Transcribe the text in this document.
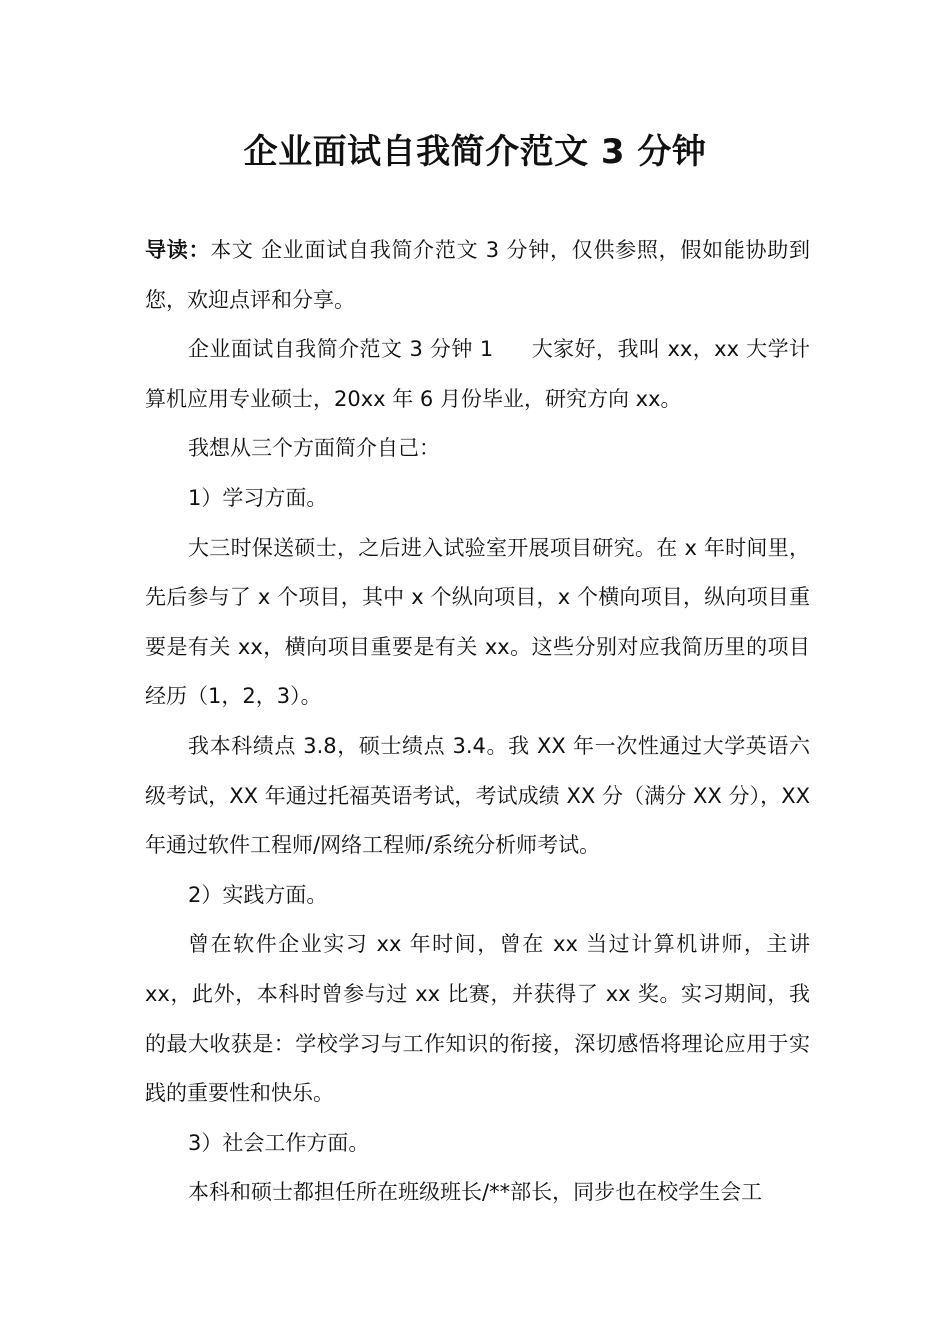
企业面试自我简介范文 3 分钟

导读：本文 企业面试自我简介范文 3 分钟，仅供参照，假如能协助到您，欢迎点评和分享。

企业面试自我简介范文 3 分钟 1 大家好，我叫 xx，xx 大学计算机应用专业硕士，20xx 年 6 月份毕业，研究方向 xx。

我想从三个方面简介自己：

1）学习方面。

大三时保送硕士，之后进入试验室开展项目研究。在 x 年时间里，先后参与了 x 个项目，其中 x 个纵向项目，x 个横向项目，纵向项目重要是有关 xx，横向项目重要是有关 xx。这些分别对应我简历里的项目经历（1，2，3）。

我本科绩点 3.8，硕士绩点 3.4。我 XX 年一次性通过大学英语六级考试，XX 年通过托福英语考试，考试成绩 XX 分（满分 XX 分），XX 年通过软件工程师/网络工程师/系统分析师考试。

2）实践方面。

曾在软件企业实习 xx 年时间，曾在 xx 当过计算机讲师，主讲 xx，此外，本科时曾参与过 xx 比赛，并获得了 xx 奖。实习期间，我的最大收获是：学校学习与工作知识的衔接，深切感悟将理论应用于实践的重要性和快乐。

3）社会工作方面。

本科和硕士都担任所在班级班长/**部长，同步也在校学生会工
